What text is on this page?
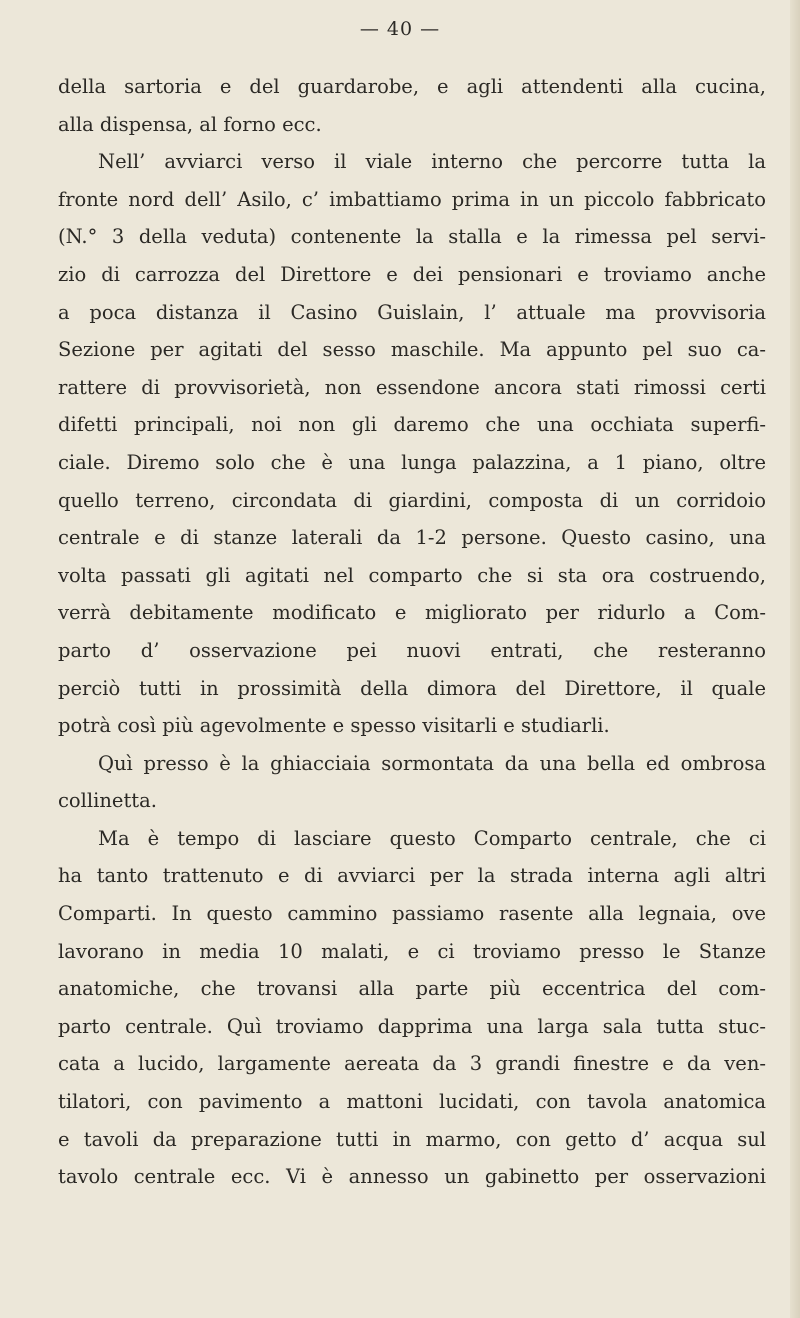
— 40 —
della sartoria e del guardarobe, e agli attendenti alla cucina,
alla dispensa, al forno ecc.
Nell’ avviarci verso il viale interno che percorre tutta la
fronte nord dell’ Asilo, c’ imbattiamo prima in un piccolo fabbricato
(N.° 3 della veduta) contenente la stalla e la rimessa pel servi-
zio di carrozza del Direttore e dei pensionari e troviamo anche
a poca distanza il Casino Guislain, l’ attuale ma provvisoria
Sezione per agitati del sesso maschile. Ma appunto pel suo ca-
rattere di provvisorietà, non essendone ancora stati rimossi certi
difetti principali, noi non gli daremo che una occhiata superfi-
ciale. Diremo solo che è una lunga palazzina, a 1 piano, oltre
quello terreno, circondata di giardini, composta di un corridoio
centrale e di stanze laterali da 1-2 persone. Questo casino, una
volta passati gli agitati nel comparto che si sta ora costruendo,
verrà debitamente modificato e migliorato per ridurlo a Com-
parto d’ osservazione pei nuovi entrati, che resteranno
perciò tutti in prossimità della dimora del Direttore, il quale
potrà così più agevolmente e spesso visitarli e studiarli.
Quì presso è la ghiacciaia sormontata da una bella ed ombrosa
collinetta.
Ma è tempo di lasciare questo Comparto centrale, che ci
ha tanto trattenuto e di avviarci per la strada interna agli altri
Comparti. In questo cammino passiamo rasente alla legnaia, ove
lavorano in media 10 malati, e ci troviamo presso le Stanze
anatomiche, che trovansi alla parte più eccentrica del com-
parto centrale. Quì troviamo dapprima una larga sala tutta stuc-
cata a lucido, largamente aereata da 3 grandi finestre e da ven-
tilatori, con pavimento a mattoni lucidati, con tavola anatomica
e tavoli da preparazione tutti in marmo, con getto d’ acqua sul
tavolo centrale ecc. Vi è annesso un gabinetto per osservazioni
